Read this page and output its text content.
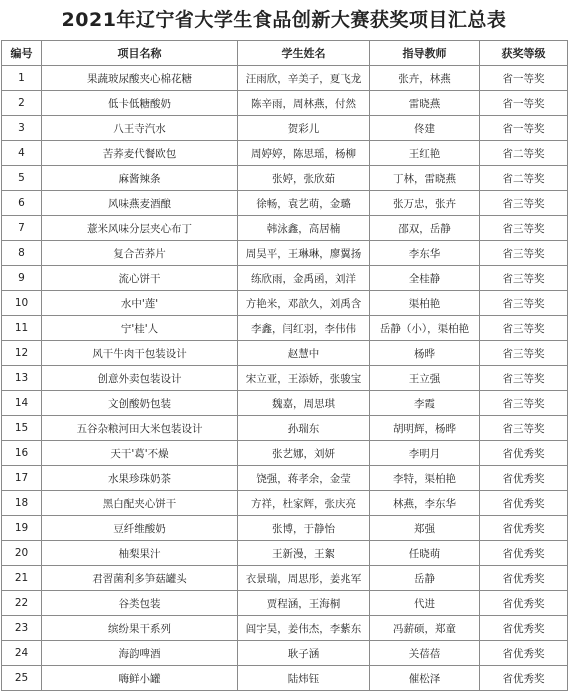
2021年辽宁省大学生食品创新大赛获奖项目汇总表
编号	项目名称	学生姓名	指导教师	获奖等级
1	果蔬玻尿酸夹心棉花糖	汪雨欣，辛美子，夏飞龙	张卉，林燕	省一等奖
2	低卡低糖酸奶	陈辛雨，周林燕，付然	雷晓燕	省一等奖
3	八王寺汽水	贺彩儿	佟建	省一等奖
4	苦荞麦代餐欧包	周婷婷，陈思瑶，杨柳	王红艳	省二等奖
5	麻酱辣条	张婷，张欣茹	丁林，雷晓燕	省二等奖
6	风味燕麦酒酿	徐畅，袁艺萌，金璐	张万忠，张卉	省三等奖
7	薏米风味分层夹心布丁	韩泳鑫，高居楠	邵双，岳静	省三等奖
8	复合苦荞片	周昊平，王琳琳，廖翼扬	李东华	省三等奖
9	流心饼干	练欣雨，金禹函，刘洋	全桂静	省三等奖
10	水中'莲'	方艳米，邓歆久，刘禹含	渠柏艳	省三等奖
11	宁'桂'人	李鑫，闫红羽，李伟伟	岳静（小），渠柏艳	省三等奖
12	风干牛肉干包装设计	赵慧中	杨晔	省三等奖
13	创意外卖包装设计	宋立亚，王添娇，张骏宝	王立强	省三等奖
14	文创酸奶包装	魏嘉，周思琪	李霞	省三等奖
15	五谷杂粮河田大米包装设计	孙瑞东	胡明辉，杨晔	省三等奖
16	天干'葛'不燥	张艺娜，刘妍	李明月	省优秀奖
17	水果珍珠奶茶	饶强，蒋孝余，金莹	李特，渠柏艳	省优秀奖
18	黑白配夹心饼干	方祥，杜家辉，张庆亮	林燕，李东华	省优秀奖
19	豆纤维酸奶	张博，于静怡	郑强	省优秀奖
20	柚梨果汁	王新漫，王絮	任晓萌	省优秀奖
21	君習菌利多笋菇罐头	衣景瑞，周思彤，姜兆军	岳静	省优秀奖
22	谷类包装	贾程涵，王海桐	代进	省优秀奖
23	缤纷果干系列	闾宇昊，姜伟杰，李紫东	冯薪硕，郑童	省优秀奖
24	海韵啤酒	耿子涵	关蓓蓓	省优秀奖
25	嗨鲜小罐	陆炜钰	催松泽	省优秀奖
